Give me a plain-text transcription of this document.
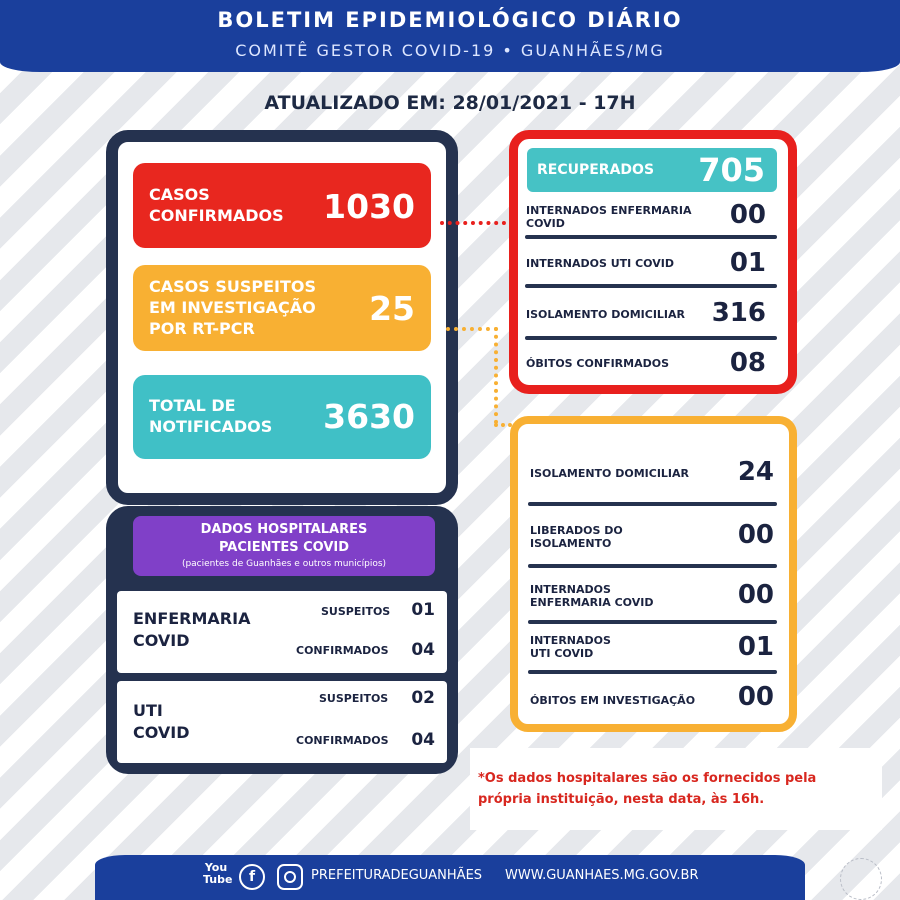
BOLETIM EPIDEMIOLÓGICO DIÁRIO
COMITÊ GESTOR COVID-19 • GUANHÃES/MG
ATUALIZADO EM: 28/01/2021 - 17H
CASOS
CONFIRMADOS 1030
CASOS SUSPEITOS
EM INVESTIGAÇÃO
POR RT-PCR
25
TOTAL DE
NOTIFICADOS 3630
DADOS HOSPITALARES
PACIENTES COVID
(pacientes de Guanhães e outros municípios)
ENFERMARIA
COVID
SUSPEITOS 01
CONFIRMADOS 04
UTI
COVID
SUSPEITOS 02
CONFIRMADOS 04
RECUPERADOS 705
INTERNADOS ENFERMARIA
COVID	00
INTERNADOS UTI COVID 01
ISOLAMENTO DOMICILIAR 316
ÓBITOS CONFIRMADOS 08
ISOLAMENTO DOMICILIAR 24
LIBERADOS DO
ISOLAMENTO	00
INTERNADOS
ENFERMARIA COVID	00
INTERNADOS
UTI COVID	01
ÓBITOS EM INVESTIGAÇÃO 00
*Os dados hospitalares são os fornecidos pela própria instituição, nesta data, às 16h.
You
Tube	f	PREFEITURADEGUANHÃES WWW.GUANHAES.MG.GOV.BR
